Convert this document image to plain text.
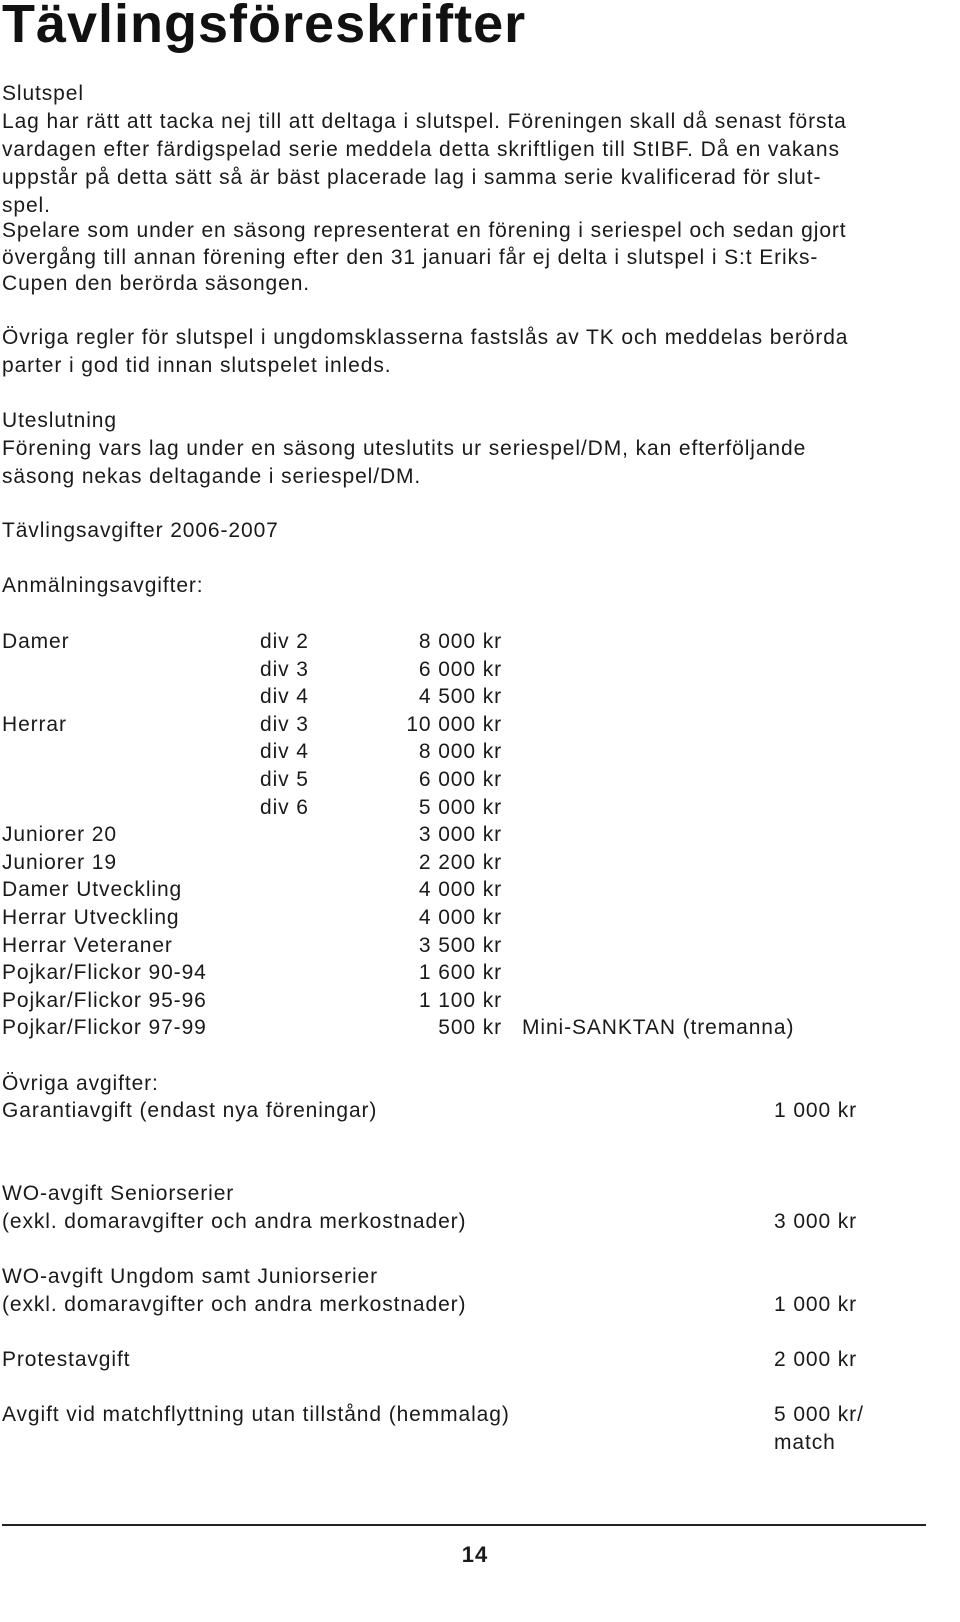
Tävlingsföreskrifter
Slutspel
Lag har rätt att tacka nej till att deltaga i slutspel. Föreningen skall då senast första
vardagen efter färdigspelad serie meddela detta skriftligen till StIBF. Då en vakans
uppstår på detta sätt så är bäst placerade lag i samma serie kvalificerad för slut-
spel.
Spelare som under en säsong representerat en förening i seriespel och sedan gjort
övergång till annan förening efter den 31 januari får ej delta i slutspel i S:t Eriks-
Cupen den berörda säsongen.
Övriga regler för slutspel i ungdomsklasserna fastslås av TK och meddelas berörda
parter i god tid innan slutspelet inleds.
Uteslutning
Förening vars lag under en säsong uteslutits ur seriespel/DM, kan efterföljande
säsong nekas deltagande i seriespel/DM.
Tävlingsavgifter 2006-2007
Anmälningsavgifter:
Damer	div 2	8 000 kr
div 3	6 000 kr
div 4	4 500 kr
Herrar	div 3	10 000 kr
div 4	8 000 kr
div 5	6 000 kr
div 6	5 000 kr
Juniorer 20	3 000 kr
Juniorer 19	2 200 kr
Damer Utveckling	4 000 kr
Herrar Utveckling	4 000 kr
Herrar Veteraner	3 500 kr
Pojkar/Flickor 90-94	1 600 kr
Pojkar/Flickor 95-96	1 100 kr
Pojkar/Flickor 97-99	500 kr Mini-SANKTAN (tremanna)
Övriga avgifter:
Garantiavgift (endast nya föreningar)	1 000 kr
WO-avgift Seniorserier
(exkl. domaravgifter och andra merkostnader)	3 000 kr
WO-avgift Ungdom samt Juniorserier
(exkl. domaravgifter och andra merkostnader)	1 000 kr
Protestavgift	2 000 kr
Avgift vid matchflyttning utan tillstånd (hemmalag)	5 000 kr/
match
14
